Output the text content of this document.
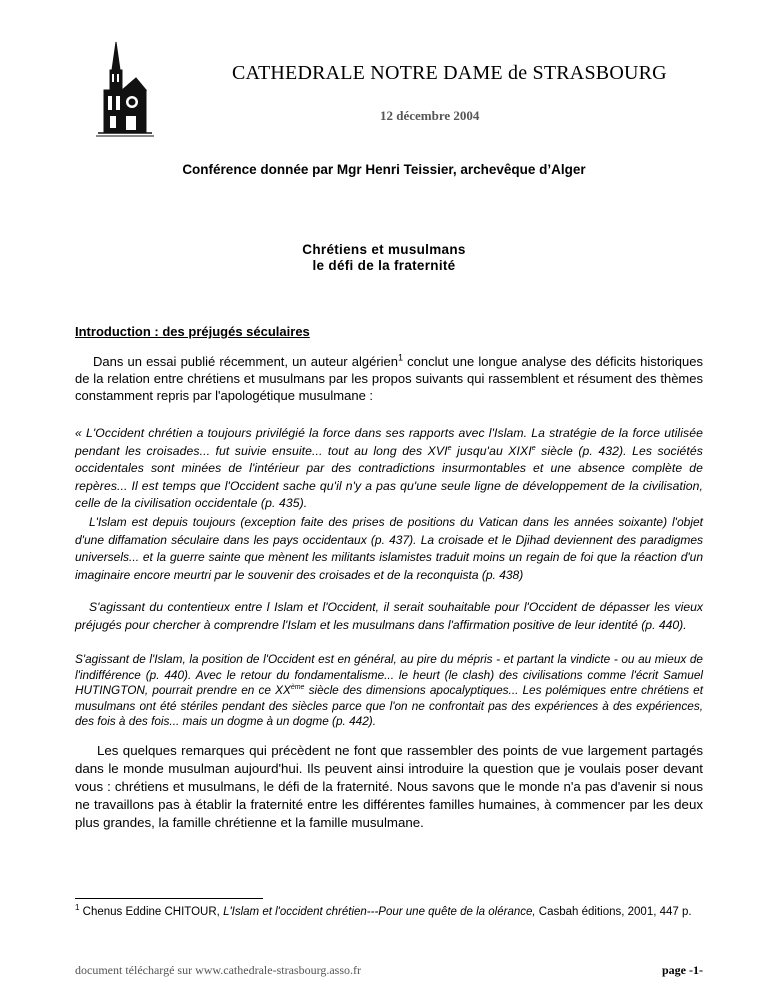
CATHEDRALE NOTRE DAME de STRASBOURG
12 décembre 2004
Conférence donnée par Mgr Henri Teissier, archevêque d’Alger
Chrétiens et musulmans
le défi de la fraternité
Introduction : des préjugés séculaires

Dans un essai publié récemment, un auteur algérien$^1$ conclut une longue analyse des déficits historiques de la relation entre chrétiens et musulmans par les propos suivants qui rassemblent et résument des thèmes constamment repris par l'apologétique musulmane :

« L'Occident chrétien a toujours privilégié la force dans ses rapports avec l'Islam. La stratégie de la force utilisée pendant les croisades... fut suivie ensuite... tout au long des XVIe jusqu'au XIXIe siècle (p. 432). Les sociétés occidentales sont minées de l'intérieur par des contradictions insurmontables et une absence complète de repères... Il est temps que l'Occident sache qu'il n'y a pas qu'une seule ligne de développement de la civilisation, celle de la civilisation occidentale (p. 435).

L'Islam est depuis toujours (exception faite des prises de positions du Vatican dans les années soixante) l'objet d'une diffamation séculaire dans les pays occidentaux (p. 437). La croisade et le Djihad deviennent des paradigmes universels... et la guerre sainte que mènent les militants islamistes traduit moins un regain de foi que la réaction d'un imaginaire encore meurtri par le souvenir des croisades et de la reconquista (p. 438)

S'agissant du contentieux entre l Islam et l'Occident, il serait souhaitable pour l'Occident de dépasser les vieux préjugés pour chercher à comprendre l'Islam et les musulmans dans l'affirmation positive de leur identité (p. 440).

S'agissant de l'Islam, la position de l'Occident est en général, au pire du mépris - et partant la vindicte - ou au mieux de l'indifférence (p. 440). Avec le retour du fondamentalisme... le heurt (le clash) des civilisations comme l'écrit Samuel HUTINGTON, pourrait prendre en ce XXème siècle des dimensions apocalyptiques... Les polémiques entre chrétiens et musulmans ont été stériles pendant des siècles parce que l'on ne confrontait pas des expériences à des expériences, des fois à des fois... mais un dogme à un dogme (p. 442).

Les quelques remarques qui précèdent ne font que rassembler des points de vue largement partagés dans le monde musulman aujourd'hui. Ils peuvent ainsi introduire la question que je voulais poser devant vous : chrétiens et musulmans, le défi de la fraternité. Nous savons que le monde n'a pas d'avenir si nous ne travaillons pas à établir la fraternité entre les différentes familles humaines, à commencer par les deux plus grandes, la famille chrétienne et la famille musulmane.

$^1$ Chenus Eddine CHITOUR, L'Islam et l'occident chrétien---Pour une quête de la olérance, Casbah éditions, 2001, 447 p.

document téléchargé sur www.cathedrale-strasbourg.asso.fr	page -1-
